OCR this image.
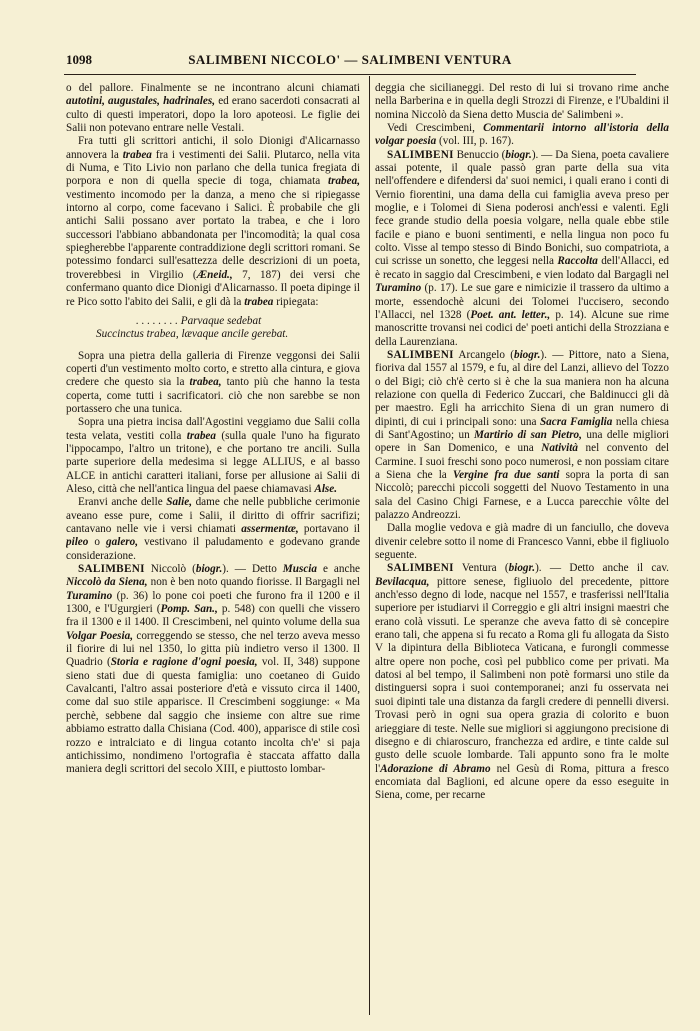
1098	SALIMBENI NICCOLO' — SALIMBENI VENTURA

o del pallore. Finalmente se ne incontrano alcuni chiamati autotini, augustales, hadrinales, ed erano sacerdoti consacrati al culto di questi imperatori, dopo la loro apoteosi. Le figlie dei Salii non potevano entrare nelle Vestali.

Fra tutti gli scrittori antichi, il solo Dionigi d'Alicarnasso annovera la trabea fra i vestimenti dei Salii. Plutarco, nella vita di Numa, e Tito Livio non parlano che della tunica fregiata di porpora e non di quella specie di toga, chiamata trabea, vestimento incomodo per la danza, a meno che si ripiegasse intorno al corpo, come facevano i Salici. È probabile che gli antichi Salii possano aver portato la trabea, e che i loro successori l'abbiano abbandonata per l'incomodità; la qual cosa spiegherebbe l'apparente contraddizione degli scrittori romani. Se potessimo fondarci sull'esattezza delle descrizioni di un poeta, troverebbesi in Virgilio (Æneid., 7, 187) dei versi che confermano quanto dice Dionigi d'Alicarnasso. Il poeta dipinge il re Pico sotto l'abito dei Salii, e gli dà la trabea ripiegata:

. . . . . . . . Parvaque sedebat
Succinctus trabea, lævaque ancile gerebat.

Sopra una pietra della galleria di Firenze veggonsi dei Salii coperti d'un vestimento molto corto, e stretto alla cintura, e giova credere che questo sia la trabea, tanto più che hanno la testa coperta, come tutti i sacrificatori. ciò che non sarebbe se non portassero che una tunica.

Sopra una pietra incisa dall'Agostini veggiamo due Salii colla testa velata, vestiti colla trabea (sulla quale l'uno ha figurato l'ippocampo, l'altro un tritone), e che portano tre ancili. Sulla parte superiore della medesima si legge ALLIUS, e al basso ALCE in antichi caratteri italiani, forse per allusione ai Salii di Aleso, città che nell'antica lingua del paese chiamavasi Alse.

Eranvi anche delle Salie, dame che nelle pubbliche cerimonie aveano esse pure, come i Salii, il diritto di offrir sacrifizi; cantavano nelle vie i versi chiamati assermentæ, portavano il pileo o galero, vestivano il paludamento e godevano grande considerazione.

SALIMBENI Niccolò (biogr.). — Detto Muscia e anche Niccolò da Siena, non è ben noto quando fiorisse. Il Bargagli nel Turamino (p. 36) lo pone coi poeti che furono fra il 1200 e il 1300, e l'Ugurgieri (Pomp. San., p. 548) con quelli che vissero fra il 1300 e il 1400. Il Crescimbeni, nel quinto volume della sua Volgar Poesia, correggendo se stesso, che nel terzo aveva messo il fiorire di lui nel 1350, lo gitta più indietro verso il 1300. Il Quadrio (Storia e ragione d'ogni poesia, vol. II, 348) suppone sieno stati due di questa famiglia: uno coetaneo di Guido Cavalcanti, l'altro assai posteriore d'età e vissuto circa il 1400, come dal suo stile apparisce. Il Crescimbeni soggiunge: « Ma perchè, sebbene dal saggio che insieme con altre sue rime abbiamo estratto dalla Chisiana (Cod. 400), apparisce di stile così rozzo e intralciato e di lingua cotanto incolta ch'e' si paja antichissimo, nondimeno l'ortografia è staccata affatto dalla maniera degli scrittori del secolo XIII, e piuttosto lombar-

deggia che sicilianeggi. Del resto di lui si trovano rime anche nella Barberina e in quella degli Strozzi di Firenze, e l'Ubaldini il nomina Niccolò da Siena detto Muscia de' Salimbeni ».

Vedi Crescimbeni, Commentarii intorno all'istoria della volgar poesia (vol. III, p. 167).

SALIMBENI Benuccio (biogr.). — Da Siena, poeta cavaliere assai potente, il quale passò gran parte della sua vita nell'offendere e difendersi da' suoi nemici, i quali erano i conti di Vernio fiorentini, una dama della cui famiglia aveva preso per moglie, e i Tolomei di Siena poderosi anch'essi e valenti. Egli fece grande studio della poesia volgare, nella quale ebbe stile facile e piano e buoni sentimenti, e nella lingua non poco fu colto. Visse al tempo stesso di Bindo Bonichi, suo compatriota, a cui scrisse un sonetto, che leggesi nella Raccolta dell'Allacci, ed è recato in saggio dal Crescimbeni, e vien lodato dal Bargagli nel Turamino (p. 17). Le sue gare e nimicizie il trassero da ultimo a morte, essendochè alcuni dei Tolomei l'uccisero, secondo l'Allacci, nel 1328 (Poet. ant. letter., p. 14). Alcune sue rime manoscritte trovansi nei codici de' poeti antichi della Strozziana e della Laurenziana.

SALIMBENI Arcangelo (biogr.). — Pittore, nato a Siena, fioriva dal 1557 al 1579, e fu, al dire del Lanzi, allievo del Tozzo o del Bigi; ciò ch'è certo si è che la sua maniera non ha alcuna relazione con quella di Federico Zuccari, che Baldinucci gli dà per maestro. Egli ha arricchito Siena di un gran numero di dipinti, di cui i principali sono: una Sacra Famiglia nella chiesa di Sant'Agostino; un Martirio di san Pietro, una delle migliori opere in San Domenico, e una Natività nel convento del Carmine. I suoi freschi sono poco numerosi, e non possiam citare a Siena che la Vergine fra due santi sopra la porta di san Niccolò; parecchi piccoli soggetti del Nuovo Testamento in una sala del Casino Chigi Farnese, e a Lucca parecchie vôlte del palazzo Andreozzi.

Dalla moglie vedova e già madre di un fanciullo, che doveva divenir celebre sotto il nome di Francesco Vanni, ebbe il figliuolo seguente.

SALIMBENI Ventura (biogr.). — Detto anche il cav. Bevilacqua, pittore senese, figliuolo del precedente, pittore anch'esso degno di lode, nacque nel 1557, e trasferissi nell'Italia superiore per istudiarvi il Correggio e gli altri insigni maestri che erano colà vissuti. Le speranze che aveva fatto di sè concepire erano tali, che appena si fu recato a Roma gli fu allogata da Sisto V la dipintura della Biblioteca Vaticana, e furongli commesse altre opere non poche, così pel pubblico come per privati. Ma datosi al bel tempo, il Salimbeni non potè formarsi uno stile da distinguersi sopra i suoi contemporanei; anzi fu osservata nei suoi dipinti tale una distanza da fargli credere di pennelli diversi. Trovasi però in ogni sua opera grazia di colorito e buon arieggiare di teste. Nelle sue migliori si aggiungono precisione di disegno e di chiaroscuro, franchezza ed ardire, e tinte calde sul gusto delle scuole lombarde. Tali appunto sono fra le molte l'Adorazione di Abramo nel Gesù di Roma, pittura a fresco encomiata dal Baglioni, ed alcune opere da esso eseguite in Siena, come, per recarne
